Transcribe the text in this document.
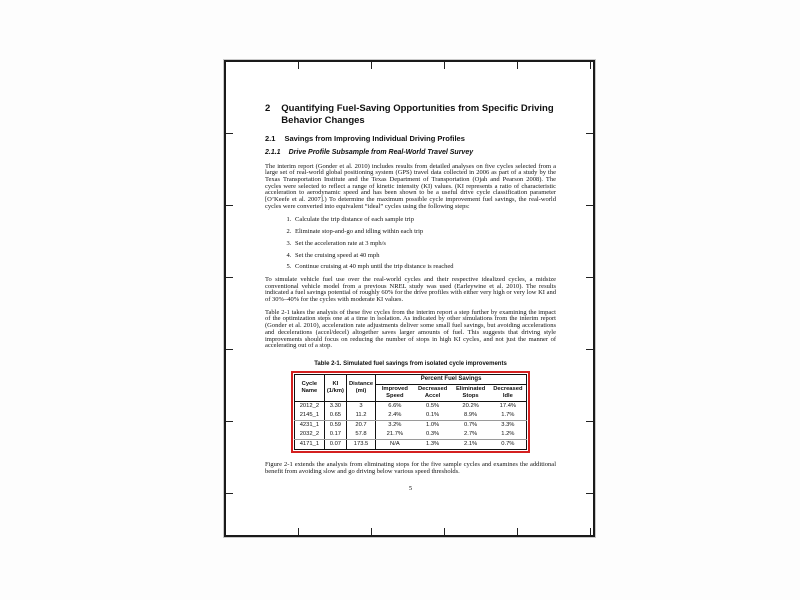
2 Quantifying Fuel-Saving Opportunities from Specific Driving Behavior Changes
2.1 Savings from Improving Individual Driving Profiles
2.1.1 Drive Profile Subsample from Real-World Travel Survey

The interim report (Gonder et al. 2010) includes results from detailed analyses on five cycles selected from a large set of real-world global positioning system (GPS) travel data collected in 2006 as part of a study by the Texas Transportation Institute and the Texas Department of Transportation (Ojah and Pearson 2008). The cycles were selected to reflect a range of kinetic intensity (KI) values. (KI represents a ratio of characteristic acceleration to aerodynamic speed and has been shown to be a useful drive cycle classification parameter [O’Keefe et al. 2007].) To determine the maximum possible cycle improvement fuel savings, the real-world cycles were converted into equivalent “ideal” cycles using the following steps:

1. Calculate the trip distance of each sample trip
2. Eliminate stop-and-go and idling within each trip
3. Set the acceleration rate at 3 mph/s
4. Set the cruising speed at 40 mph
5. Continue cruising at 40 mph until the trip distance is reached

To simulate vehicle fuel use over the real-world cycles and their respective idealized cycles, a midsize conventional vehicle model from a previous NREL study was used (Earleywine et al. 2010). The results indicated a fuel savings potential of roughly 60% for the drive profiles with either very high or very low KI and of 30%–40% for the cycles with moderate KI values.

Table 2-1 takes the analysis of these five cycles from the interim report a step further by examining the impact of the optimization steps one at a time in isolation. As indicated by other simulations from the interim report (Gonder et al. 2010), acceleration rate adjustments deliver some small fuel savings, but avoiding accelerations and decelerations (accel/decel) altogether saves larger amounts of fuel. This suggests that driving style improvements should focus on reducing the number of stops in high KI cycles, and not just the manner of accelerating out of a stop.

Table 2-1. Simulated fuel savings from isolated cycle improvements
Cycle Name	KI (1/km)	Distance (mi)	Percent Fuel Savings			
			Improved Speed	Decreased Accel	Eliminated Stops	Decreased Idle
2012_2	3.30	3	6.6%	0.5%	20.2%	17.4%
2145_1	0.65	11.2	2.4%	0.1%	8.9%	1.7%
4231_1	0.59	20.7	3.2%	1.0%	0.7%	3.3%
2032_2	0.17	57.8	21.7%	0.3%	2.7%	1.2%
4171_1	0.07	173.5	N/A	1.3%	2.1%	0.7%

Figure 2-1 extends the analysis from eliminating stops for the five sample cycles and examines the additional benefit from avoiding slow and go driving below various speed thresholds.

5
